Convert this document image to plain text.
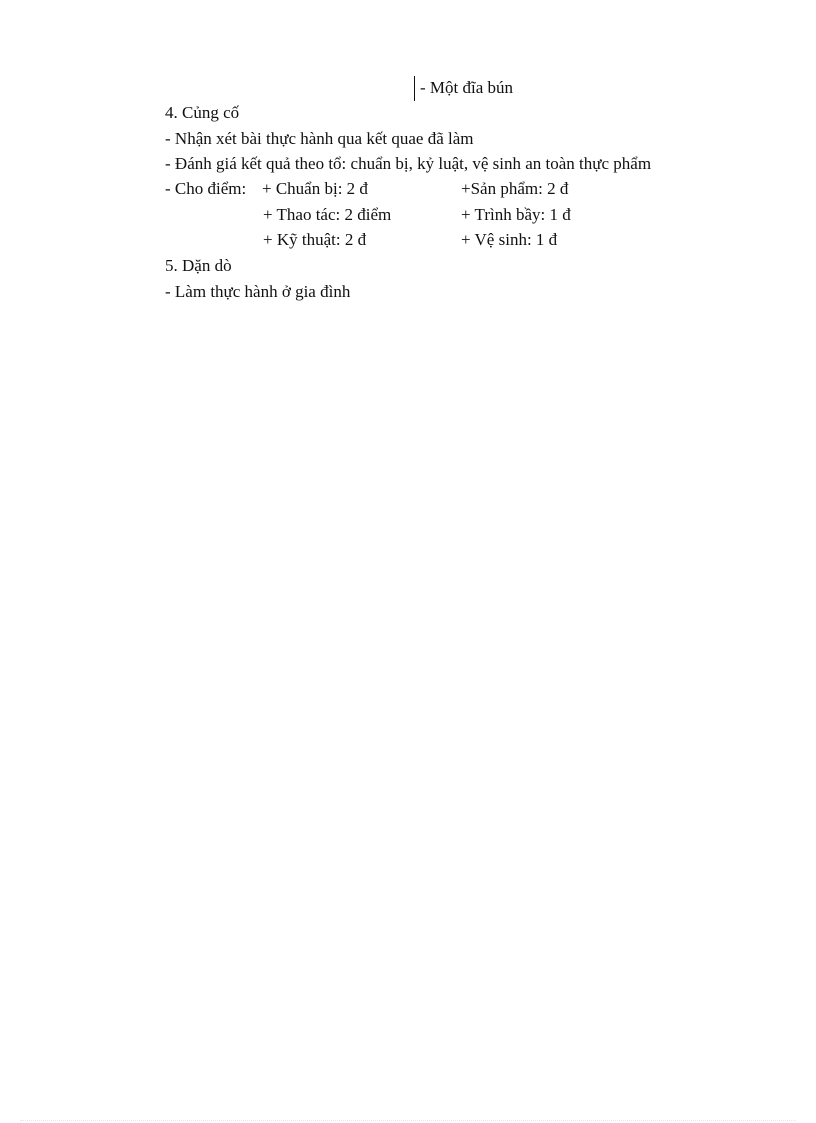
- Một đĩa bún
4. Củng cố
- Nhận xét bài thực hành qua kết quae đã làm
- Đánh giá kết quả theo tổ: chuẩn bị, kỷ luật, vệ sinh an toàn thực phẩm
- Cho điểm: + Chuẩn bị: 2 đ	+Sản phẩm: 2 đ
+ Thao tác: 2 điểm	+ Trình bầy: 1 đ
+ Kỹ thuật: 2 đ	+ Vệ sinh: 1 đ
5. Dặn dò
- Làm thực hành ở gia đình
